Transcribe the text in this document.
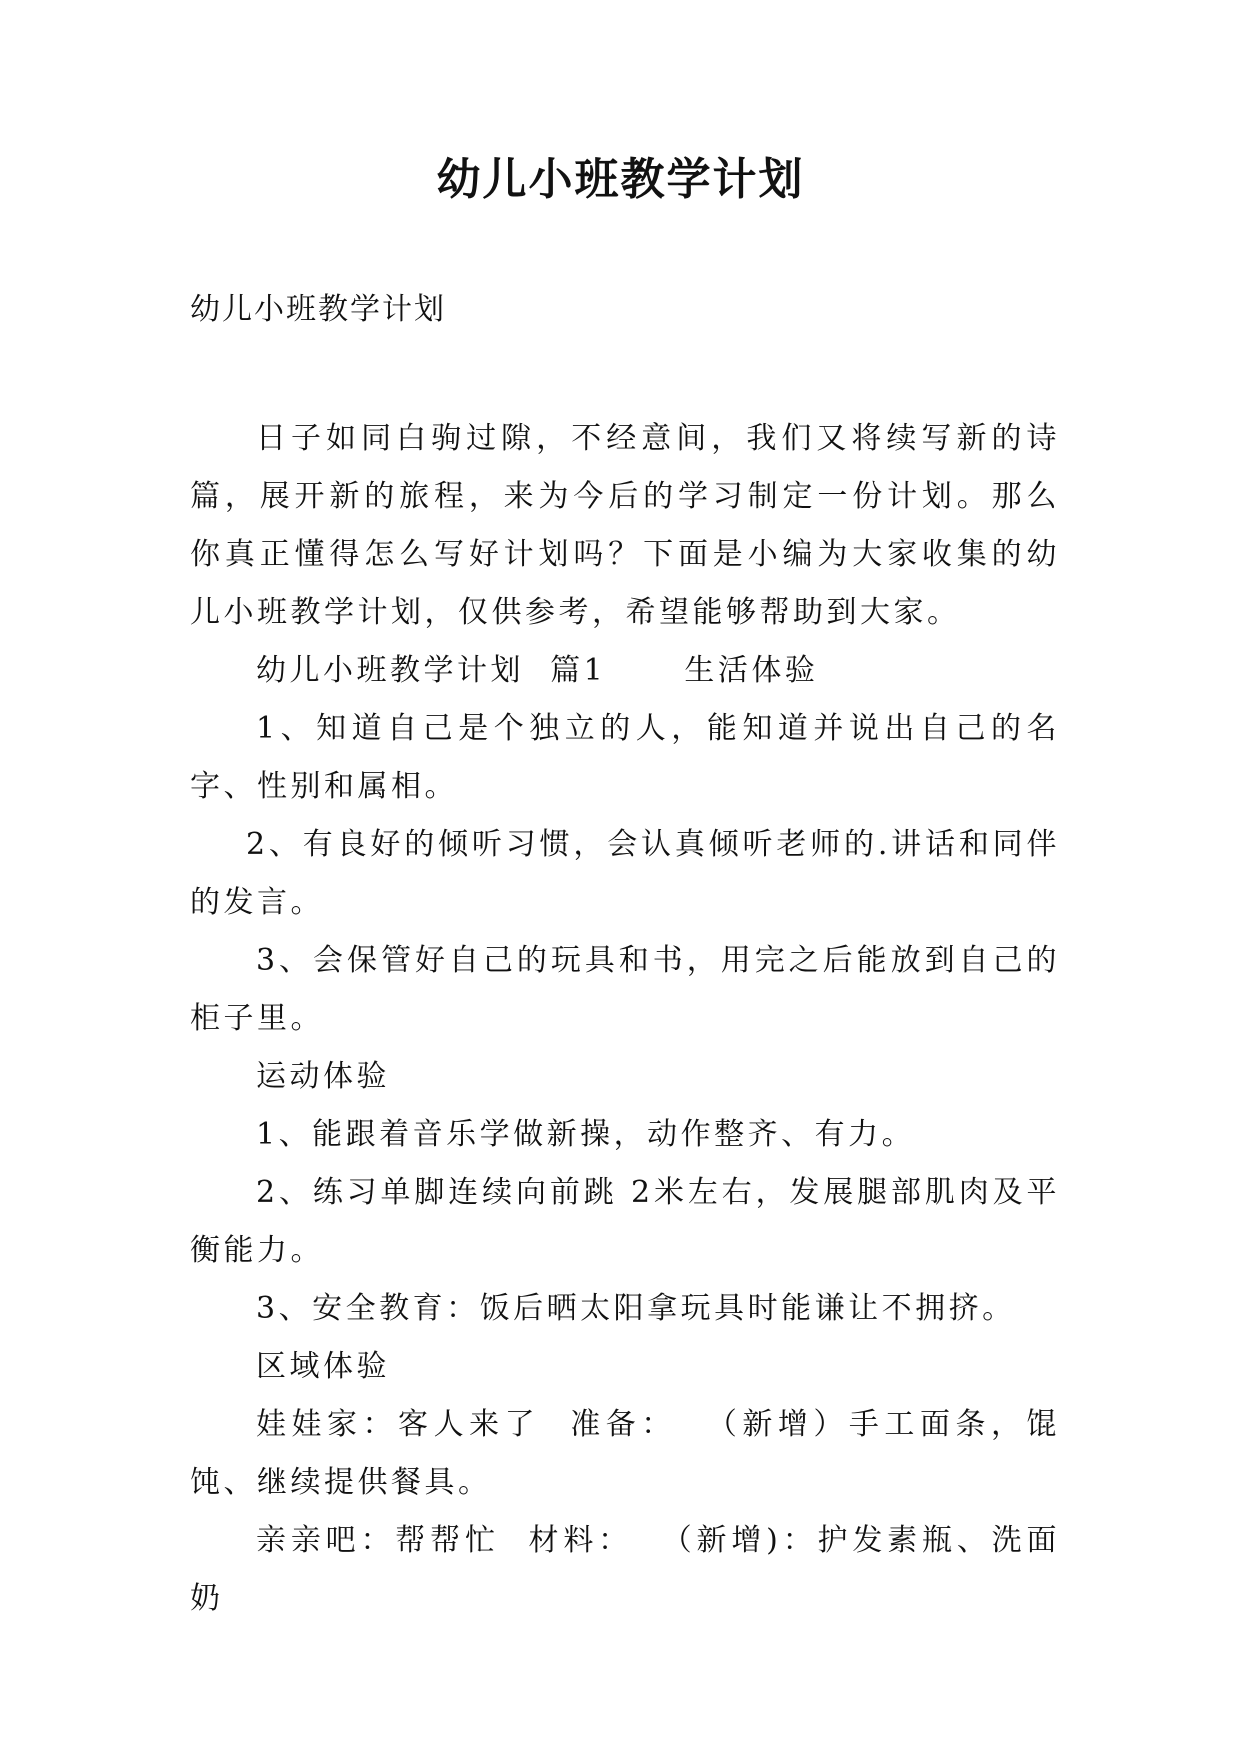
幼儿小班教学计划
幼儿小班教学计划

日子如同白驹过隙，不经意间，我们又将续写新的诗篇，展开新的旅程，来为今后的学习制定一份计划。那么你真正懂得怎么写好计划吗？下面是小编为大家收集的幼儿小班教学计划，仅供参考，希望能够帮助到大家。

幼儿小班教学计划  篇1      生活体验

1、知道自己是个独立的人，能知道并说出自己的名字、性别和属相。

2、有良好的倾听习惯，会认真倾听老师的.讲话和同伴的发言。

3、会保管好自己的玩具和书，用完之后能放到自己的柜子里。

运动体验

1、能跟着音乐学做新操，动作整齐、有力。

2、练习单脚连续向前跳 2米左右，发展腿部肌肉及平衡能力。

3、安全教育：饭后晒太阳拿玩具时能谦让不拥挤。

区域体验

娃娃家：客人来了  准备：  （新增）手工面条，馄饨、继续提供餐具。

亲亲吧：帮帮忙  材料：  （新增)：护发素瓶、洗面奶
